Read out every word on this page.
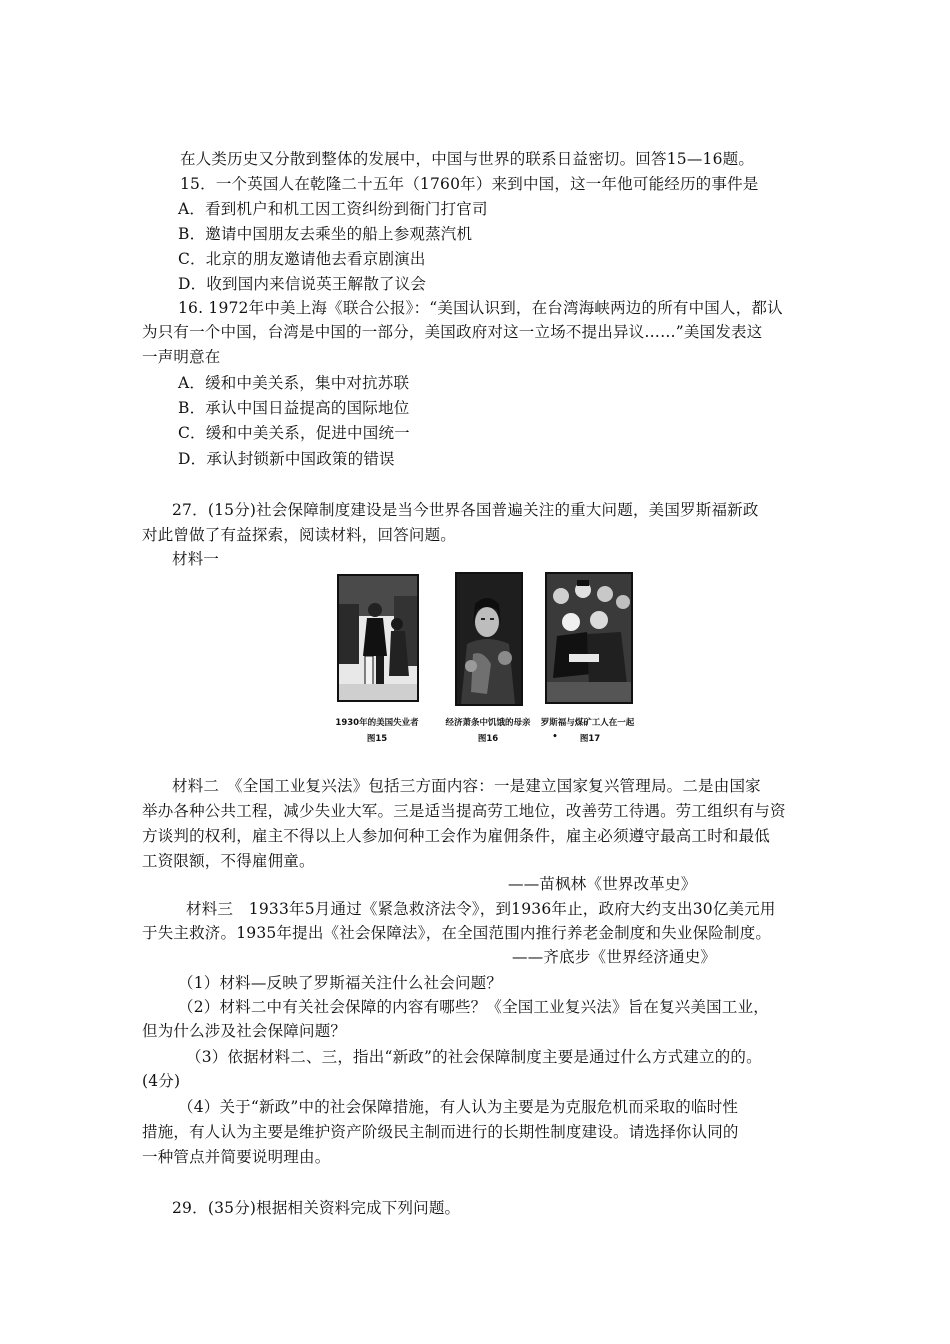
在人类历史又分散到整体的发展中，中国与世界的联系日益密切。回答15—16题。
15．一个英国人在乾隆二十五年（1760年）来到中国，这一年他可能经历的事件是
A．看到机户和机工因工资纠纷到衙门打官司
B．邀请中国朋友去乘坐的船上参观蒸汽机
C．北京的朋友邀请他去看京剧演出
D．收到国内来信说英王解散了议会
16. 1972年中美上海《联合公报》：“美国认识到，在台湾海峡两边的所有中国人，都认
为只有一个中国，台湾是中国的一部分，美国政府对这一立场不提出异议……”美国发表这
一声明意在
A．缓和中美关系，集中对抗苏联
B．承认中国日益提高的国际地位
C．缓和中美关系，促进中国统一
D．承认封锁新中国政策的错误
27．(15分)社会保障制度建设是当今世界各国普遍关注的重大问题，美国罗斯福新政
对此曾做了有益探索，阅读材料，回答问题。
材料一
1930年的美国失业者
图15
经济萧条中饥饿的母亲
图16
罗斯福与煤矿工人在一起
•	图17
材料二　《全国工业复兴法》包括三方面内容：一是建立国家复兴管理局。二是由国家
举办各种公共工程，减少失业大军。三是适当提高劳工地位，改善劳工待遇。劳工组织有与资
方谈判的权利，雇主不得以上人参加何种工会作为雇佣条件，雇主必须遵守最高工时和最低
工资限额，不得雇佣童。
——苗枫林《世界改革史》
材料三　1933年5月通过《紧急救济法令》，到1936年止，政府大约支出30亿美元用
于失主救济。1935年提出《社会保障法》，在全国范围内推行养老金制度和失业保险制度。
——齐底步《世界经济通史》
（1）材料—反映了罗斯福关注什么社会问题？
（2）材料二中有关社会保障的内容有哪些？《全国工业复兴法》旨在复兴美国工业，
但为什么涉及社会保障问题？
（3）依据材料二、三，指出“新政”的社会保障制度主要是通过什么方式建立的的。
(4分)
（4）关于“新政”中的社会保障措施，有人认为主要是为克服危机而采取的临时性
措施，有人认为主要是维护资产阶级民主制而进行的长期性制度建设。请选择你认同的
一种管点并简要说明理由。
29．(35分)根据相关资料完成下列问题。
